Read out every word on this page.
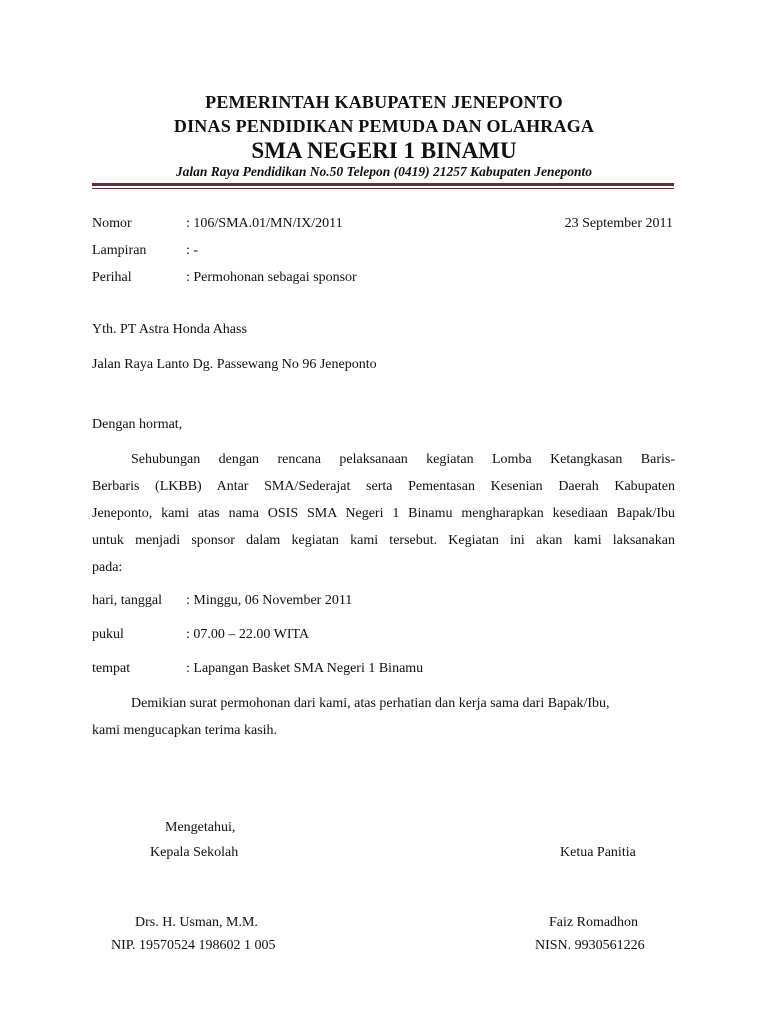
PEMERINTAH KABUPATEN JENEPONTO
DINAS PENDIDIKAN PEMUDA DAN OLAHRAGA
SMA NEGERI 1 BINAMU
Jalan Raya Pendidikan No.50 Telepon (0419) 21257 Kabupaten Jeneponto
Nomor	: 106/SMA.01/MN/IX/2011	23 September 2011
Lampiran	: -
Perihal	: Permohonan sebagai sponsor
Yth. PT Astra Honda Ahass
Jalan Raya Lanto Dg. Passewang No 96 Jeneponto
Dengan hormat,
Sehubungan dengan rencana pelaksanaan kegiatan Lomba Ketangkasan Baris-
Berbaris (LKBB) Antar SMA/Sederajat serta Pementasan Kesenian Daerah Kabupaten
Jeneponto, kami atas nama OSIS SMA Negeri 1 Binamu mengharapkan kesediaan Bapak/Ibu
untuk menjadi sponsor dalam kegiatan kami tersebut. Kegiatan ini akan kami laksanakan
pada:
hari, tanggal : Minggu, 06 November 2011
pukul	: 07.00 – 22.00 WITA
tempat	: Lapangan Basket SMA Negeri 1 Binamu
Demikian surat permohonan dari kami, atas perhatian dan kerja sama dari Bapak/Ibu,
kami mengucapkan terima kasih.
Mengetahui,
Kepala Sekolah	Ketua Panitia
Drs. H. Usman, M.M.
NIP. 19570524 198602 1 005
Faiz Romadhon
NISN. 9930561226
